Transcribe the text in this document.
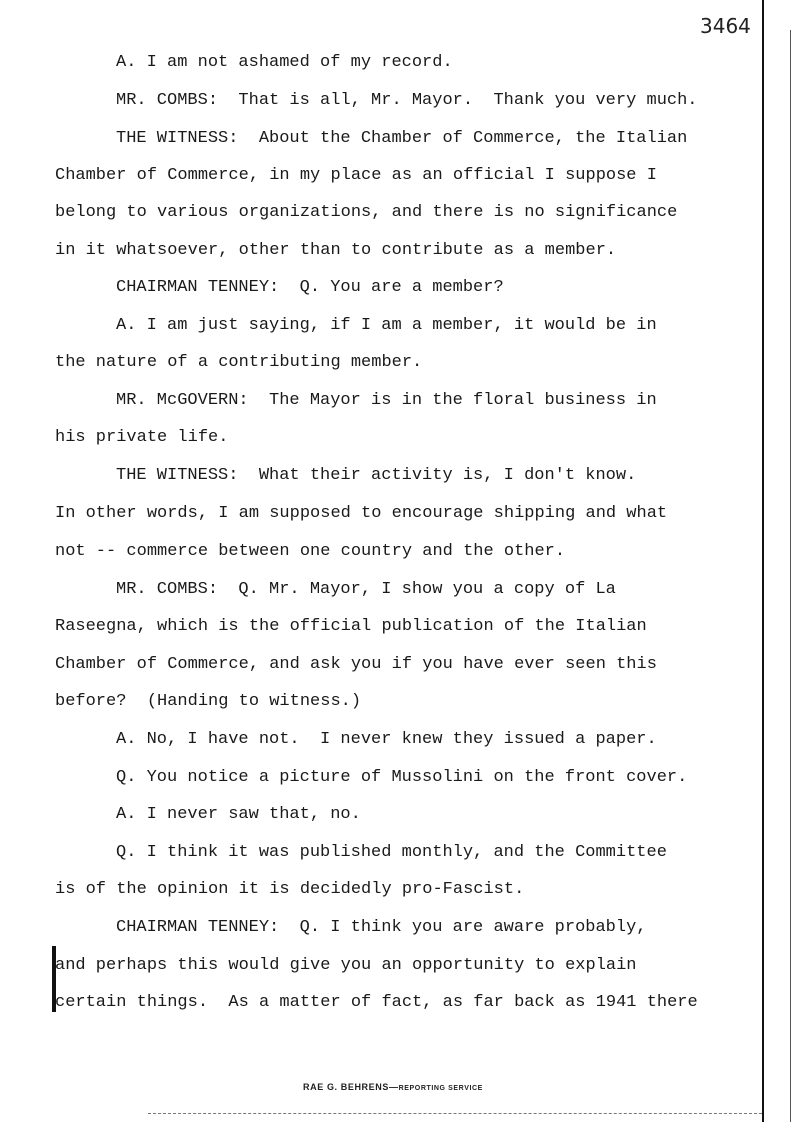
3464
A. I am not ashamed of my record.
MR. COMBS:  That is all, Mr. Mayor.  Thank you very much.
THE WITNESS:  About the Chamber of Commerce, the Italian
Chamber of Commerce, in my place as an official I suppose I
belong to various organizations, and there is no significance
in it whatsoever, other than to contribute as a member.
CHAIRMAN TENNEY:  Q. You are a member?
A. I am just saying, if I am a member, it would be in
the nature of a contributing member.
MR. McGOVERN:  The Mayor is in the floral business in
his private life.
THE WITNESS:  What their activity is, I don't know.
In other words, I am supposed to encourage shipping and what
not -- commerce between one country and the other.
MR. COMBS:  Q. Mr. Mayor, I show you a copy of La
Raseegna, which is the official publication of the Italian
Chamber of Commerce, and ask you if you have ever seen this
before?  (Handing to witness.)
A. No, I have not.  I never knew they issued a paper.
Q. You notice a picture of Mussolini on the front cover.
A. I never saw that, no.
Q. I think it was published monthly, and the Committee
is of the opinion it is decidedly pro-Fascist.
CHAIRMAN TENNEY:  Q. I think you are aware probably,
and perhaps this would give you an opportunity to explain
certain things.  As a matter of fact, as far back as 1941 there
RAE G. BEHRENS—REPORTING SERVICE
